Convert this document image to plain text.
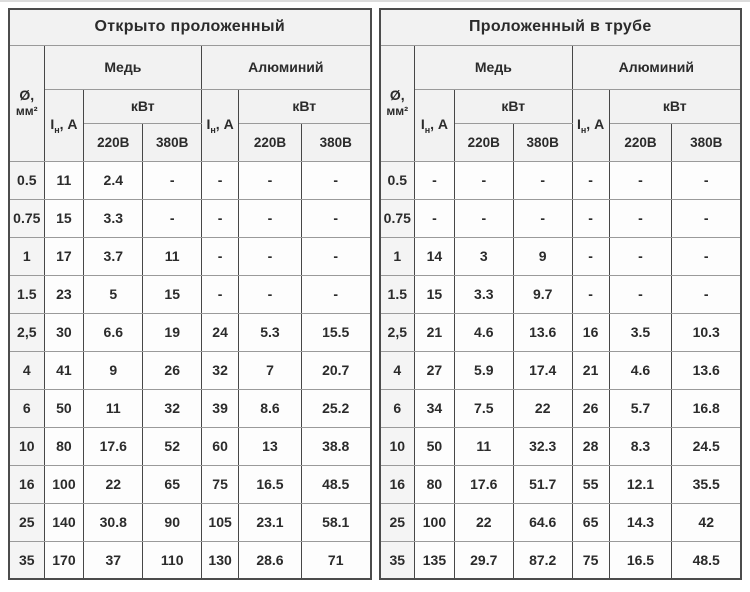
Открыто проложенный						

Ø,
мм²	Медь			Алюминий		
	$I_н$, А	кВт		$I_н$, А	кВт	
		220В	380В		220В	380В
0.5	11	2.4	-	-	-	-
0.75	15	3.3	-	-	-	-
1	17	3.7	11	-	-	-
1.5	23	5	15	-	-	-
2,5	30	6.6	19	24	5.3	15.5
4	41	9	26	32	7	20.7
6	50	11	32	39	8.6	25.2
10	80	17.6	52	60	13	38.8
16	100	22	65	75	16.5	48.5
25	140	30.8	90	105	23.1	58.1
35	170	37	110	130	28.6	71
Проложенный в трубе						

Ø,
мм²	Медь			Алюминий		
	$I_н$, А	кВт		$I_н$, А	кВт	
		220В	380В		220В	380В
0.5	-	-	-	-	-	-
0.75	-	-	-	-	-	-
1	14	3	9	-	-	-
1.5	15	3.3	9.7	-	-	-
2,5	21	4.6	13.6	16	3.5	10.3
4	27	5.9	17.4	21	4.6	13.6
6	34	7.5	22	26	5.7	16.8
10	50	11	32.3	28	8.3	24.5
16	80	17.6	51.7	55	12.1	35.5
25	100	22	64.6	65	14.3	42
35	135	29.7	87.2	75	16.5	48.5
